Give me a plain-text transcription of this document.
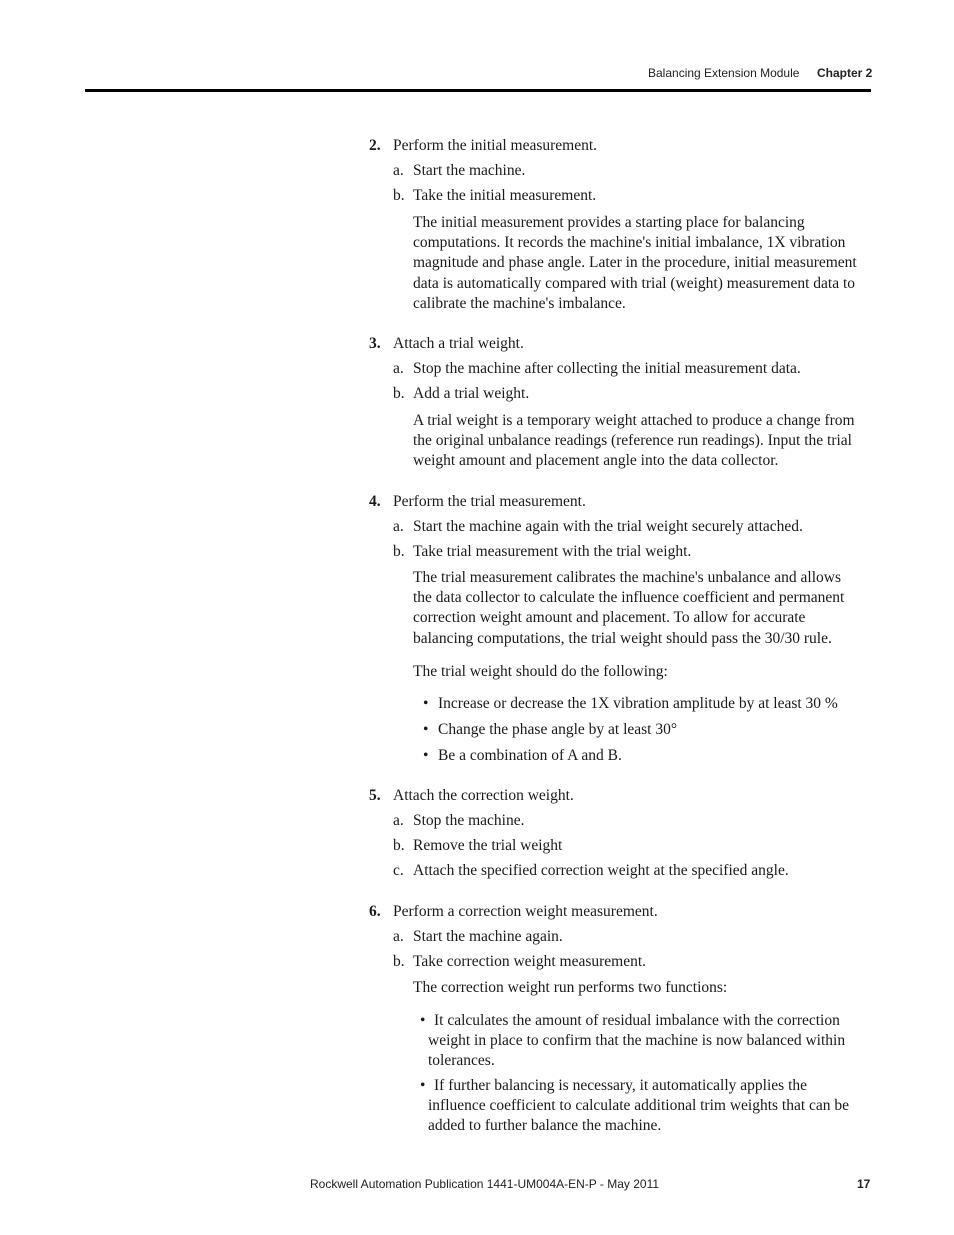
Balancing Extension Module Chapter 2
2. Perform the initial measurement.
a. Start the machine.
b. Take the initial measurement.
The initial measurement provides a starting place for balancing
computations. It records the machine's initial imbalance, 1X vibration
magnitude and phase angle. Later in the procedure, initial measurement
data is automatically compared with trial (weight) measurement data to
calibrate the machine's imbalance.
3. Attach a trial weight.
a. Stop the machine after collecting the initial measurement data.
b. Add a trial weight.
A trial weight is a temporary weight attached to produce a change from
the original unbalance readings (reference run readings). Input the trial
weight amount and placement angle into the data collector.
4. Perform the trial measurement.
a. Start the machine again with the trial weight securely attached.
b. Take trial measurement with the trial weight.
The trial measurement calibrates the machine's unbalance and allows
the data collector to calculate the influence coefficient and permanent
correction weight amount and placement. To allow for accurate
balancing computations, the trial weight should pass the 30/30 rule.
The trial weight should do the following:
• Increase or decrease the 1X vibration amplitude by at least 30 %
• Change the phase angle by at least 30°
• Be a combination of A and B.
5. Attach the correction weight.
a. Stop the machine.
b. Remove the trial weight
c. Attach the specified correction weight at the specified angle.
6. Perform a correction weight measurement.
a. Start the machine again.
b. Take correction weight measurement.
The correction weight run performs two functions:
• It calculates the amount of residual imbalance with the correction
weight in place to confirm that the machine is now balanced within
tolerances.
• If further balancing is necessary, it automatically applies the
influence coefficient to calculate additional trim weights that can be
added to further balance the machine.
Rockwell Automation Publication 1441-UM004A-EN-P - May 2011	17
